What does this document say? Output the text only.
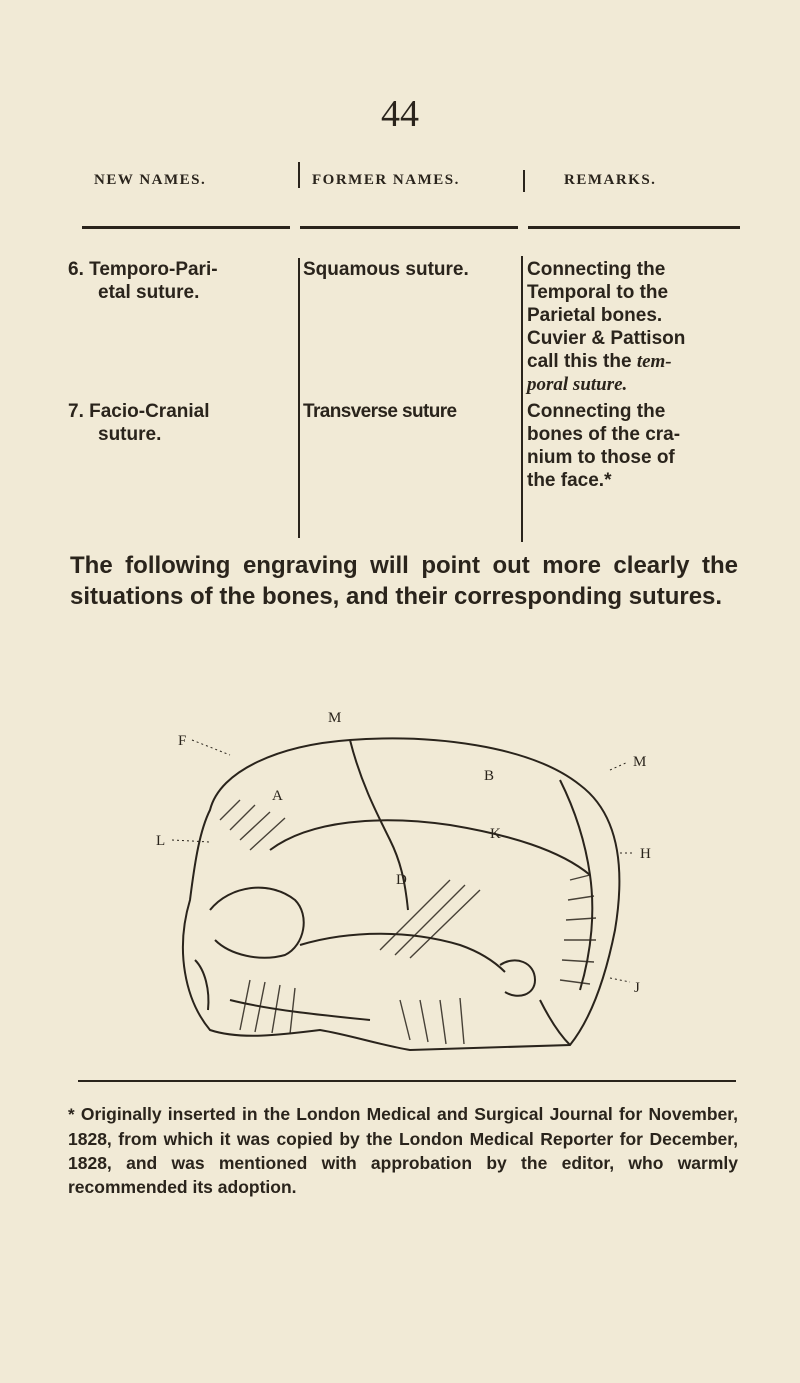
44
NEW NAMES.	FORMER NAMES.	REMARKS.
6. Temporo-Pari-
etal suture.
Squamous suture.	Connecting the
Temporal to the
Parietal bones.
Cuvier & Pattison
call this the tem-
poral suture.
7. Facio-Cranial
suture.
Transverse suture	Connecting the
bones of the cra-
nium to those of
the face.*
The following engraving will point out more clearly the situations of the bones, and their corresponding sutures.
M
F
M
A
B
L
H
K
D
J
* Originally inserted in the London Medical and Surgical Journal for November, 1828, from which it was copied by the London Medical Reporter for December, 1828, and was mentioned with approbation by the editor, who warmly recommended its adoption.
